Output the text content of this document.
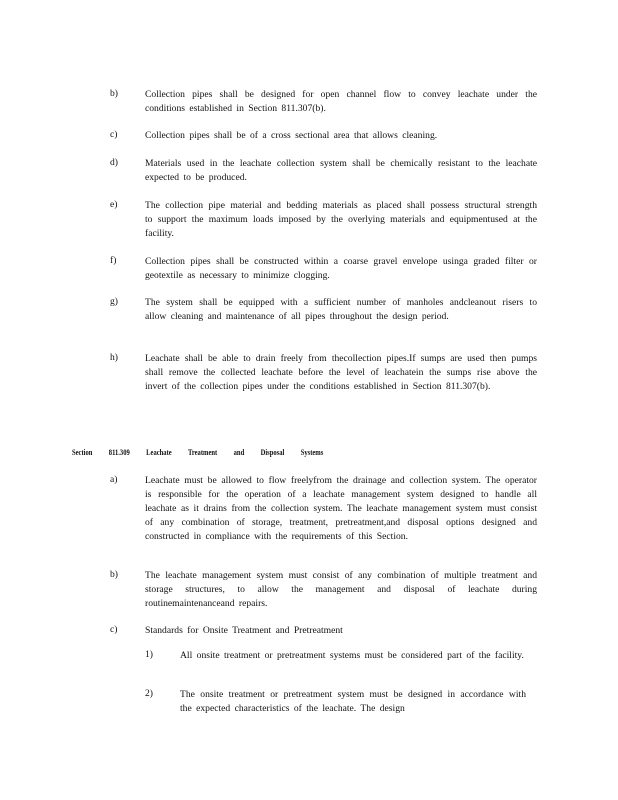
b)	Collection pipes shall be designed for open channel flow to convey leachate under the conditions established in Section 811.307(b).
c)	Collection pipes shall be of a cross sectional area that allows cleaning.
d)	Materials used in the leachate collection system shall be chemically resistant to the leachate expected to be produced.
e)	The collection pipe material and bedding materials as placed shall possess structural strength to support the maximum loads imposed by the overlying materials and equipmentused at the facility.
f)	Collection pipes shall be constructed within a coarse gravel envelope usinga graded filter or geotextile as necessary to minimize clogging.
g)	The system shall be equipped with a sufficient number of manholes andcleanout risers to allow cleaning and maintenance of all pipes throughout the design period.
h)	Leachate shall be able to drain freely from thecollection pipes.If sumps are used then pumps shall remove the collected leachate before the level of leachatein the sumps rise above the invert of the collection pipes under the conditions established in Section 811.307(b).
Section 811.309 Leachate Treatment and Disposal Systems
a)	Leachate must be allowed to flow freelyfrom the drainage and collection system. The operator is responsible for the operation of a leachate management system designed to handle all leachate as it drains from the collection system. The leachate management system must consist of any combination of storage, treatment, pretreatment,and disposal options designed and constructed in compliance with the requirements of this Section.
b)	The leachate management system must consist of any combination of multiple treatment and storage structures, to allow the management and disposal of leachate during routinemaintenanceand repairs.
c)	Standards for Onsite Treatment and Pretreatment
1)	All onsite treatment or pretreatment systems must be considered part of the facility.
2)	The onsite treatment or pretreatment system must be designed in accordance with the expected characteristics of the leachate. The design
